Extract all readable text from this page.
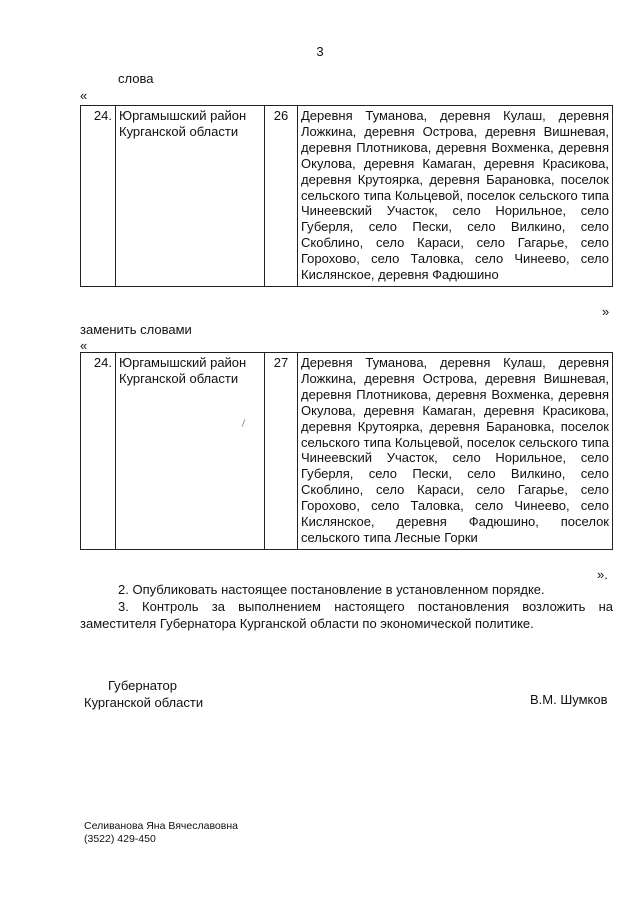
3
слова
«
24.	Юргамышский район Курганской области	26	Деревня Туманова, деревня Кулаш, деревня Ложкина, деревня Острова, деревня Вишневая, деревня Плотникова, деревня Вохменка, деревня Окулова, деревня Камаган, деревня Красикова, деревня Крутоярка, деревня Барановка, поселок сельского типа Кольцевой, поселок сельского типа Чинеевский Участок, село Норильное, село Губерля, село Пески, село Вилкино, село Скоблино, село Караси, село Гагарье, село Горохово, село Таловка, село Чинеево, село Кислянское, деревня Фадюшино
»
заменить словами
«
24.	Юргамышский район Курганской области	27	Деревня Туманова, деревня Кулаш, деревня Ложкина, деревня Острова, деревня Вишневая, деревня Плотникова, деревня Вохменка, деревня Окулова, деревня Камаган, деревня Красикова, деревня Крутоярка, деревня Барановка, поселок сельского типа Кольцевой, поселок сельского типа Чинеевский Участок, село Норильное, село Губерля, село Пески, село Вилкино, село Скоблино, село Караси, село Гагарье, село Горохово, село Таловка, село Чинеево, село Кислянское, деревня Фадюшино, поселок сельского типа Лесные Горки
».
2. Опубликовать настоящее постановление в установленном порядке.
3. Контроль за выполнением настоящего постановления возложить на заместителя Губернатора Курганской области по экономической политике.
Губернатор
Курганской области	В.М. Шумков
Селиванова Яна Вячеславовна
(3522) 429-450
